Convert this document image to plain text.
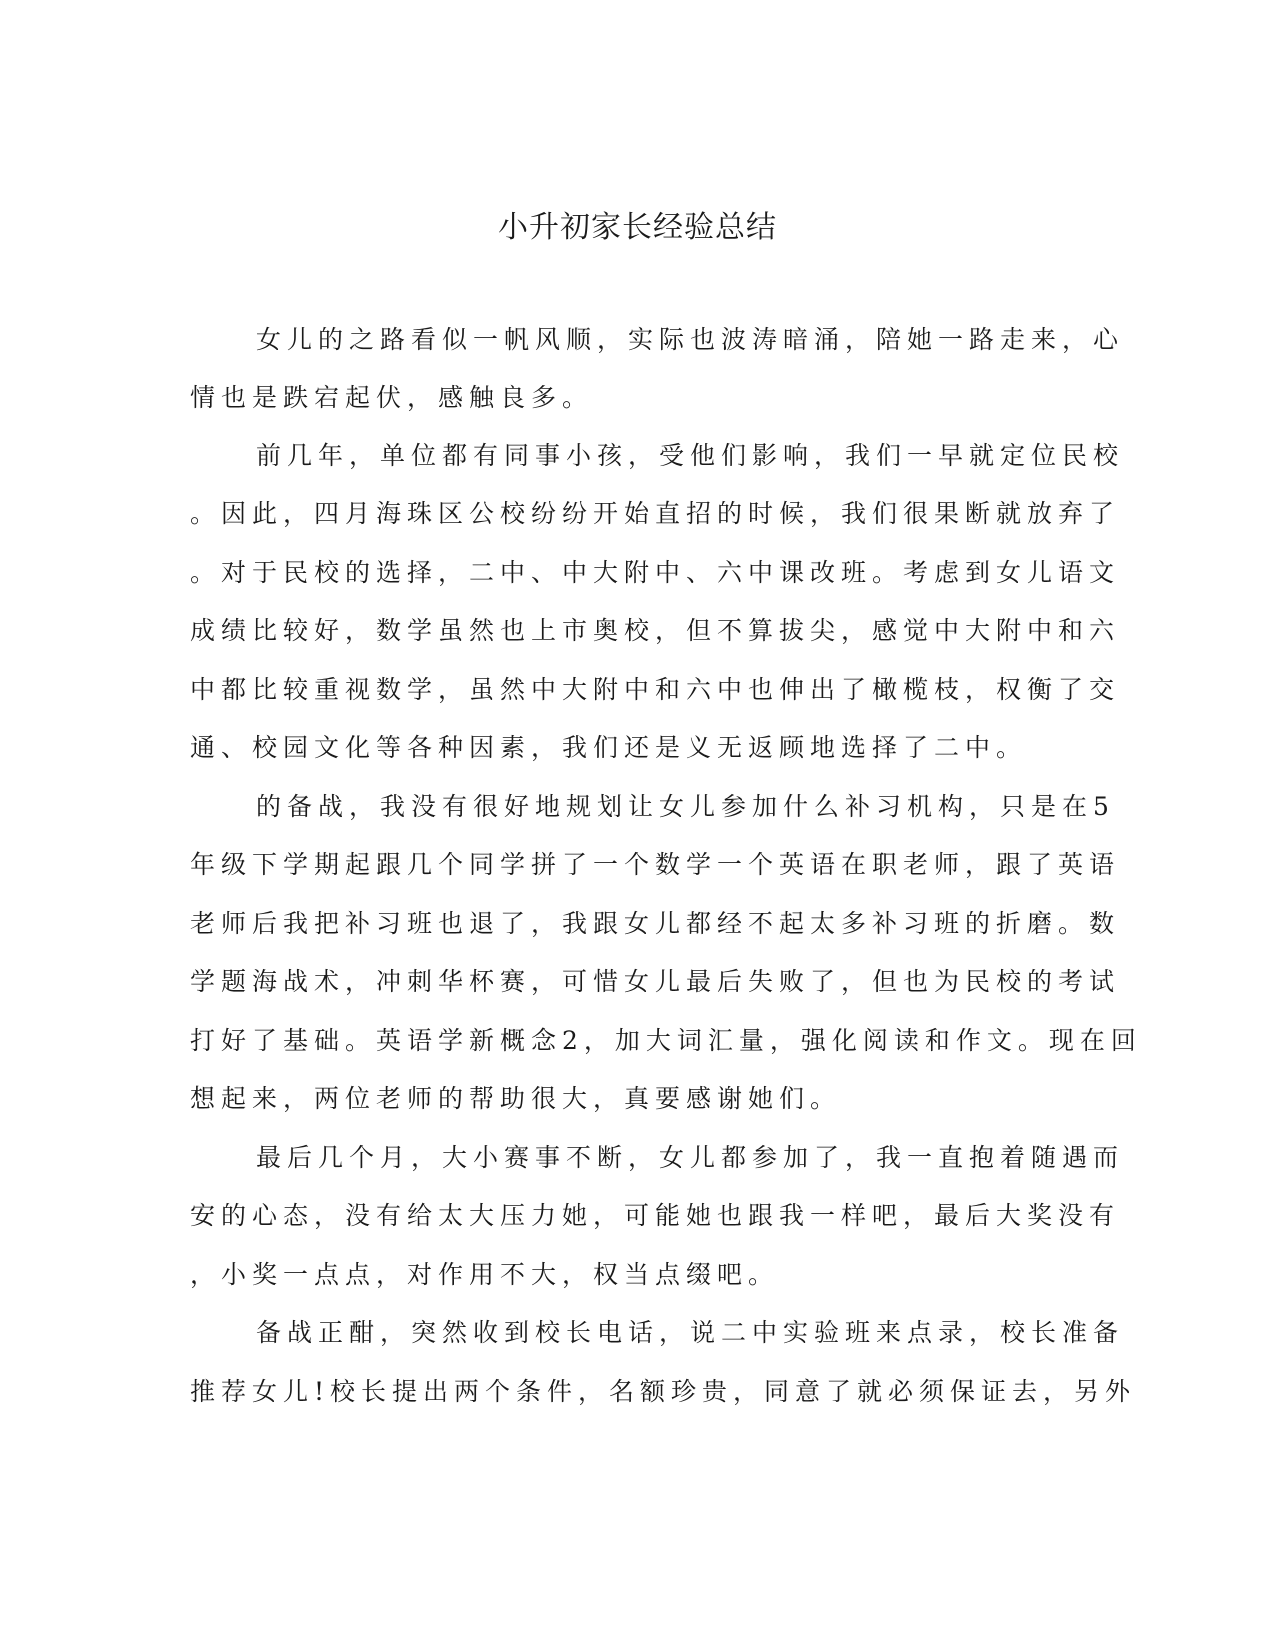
小升初家长经验总结
女儿的之路看似一帆风顺，实际也波涛暗涌，陪她一路走来，心
情也是跌宕起伏，感触良多。
前几年，单位都有同事小孩，受他们影响，我们一早就定位民校
。因此，四月海珠区公校纷纷开始直招的时候，我们很果断就放弃了
。对于民校的选择，二中、中大附中、六中课改班。考虑到女儿语文
成绩比较好，数学虽然也上市奥校，但不算拔尖，感觉中大附中和六
中都比较重视数学，虽然中大附中和六中也伸出了橄榄枝，权衡了交
通、校园文化等各种因素，我们还是义无返顾地选择了二中。
的备战，我没有很好地规划让女儿参加什么补习机构，只是在5
年级下学期起跟几个同学拼了一个数学一个英语在职老师，跟了英语
老师后我把补习班也退了，我跟女儿都经不起太多补习班的折磨。数
学题海战术，冲刺华杯赛，可惜女儿最后失败了，但也为民校的考试
打好了基础。英语学新概念2，加大词汇量，强化阅读和作文。现在回
想起来，两位老师的帮助很大，真要感谢她们。
最后几个月，大小赛事不断，女儿都参加了，我一直抱着随遇而
安的心态，没有给太大压力她，可能她也跟我一样吧，最后大奖没有
，小奖一点点，对作用不大，权当点缀吧。
备战正酣，突然收到校长电话，说二中实验班来点录，校长准备
推荐女儿!校长提出两个条件，名额珍贵，同意了就必须保证去，另外
